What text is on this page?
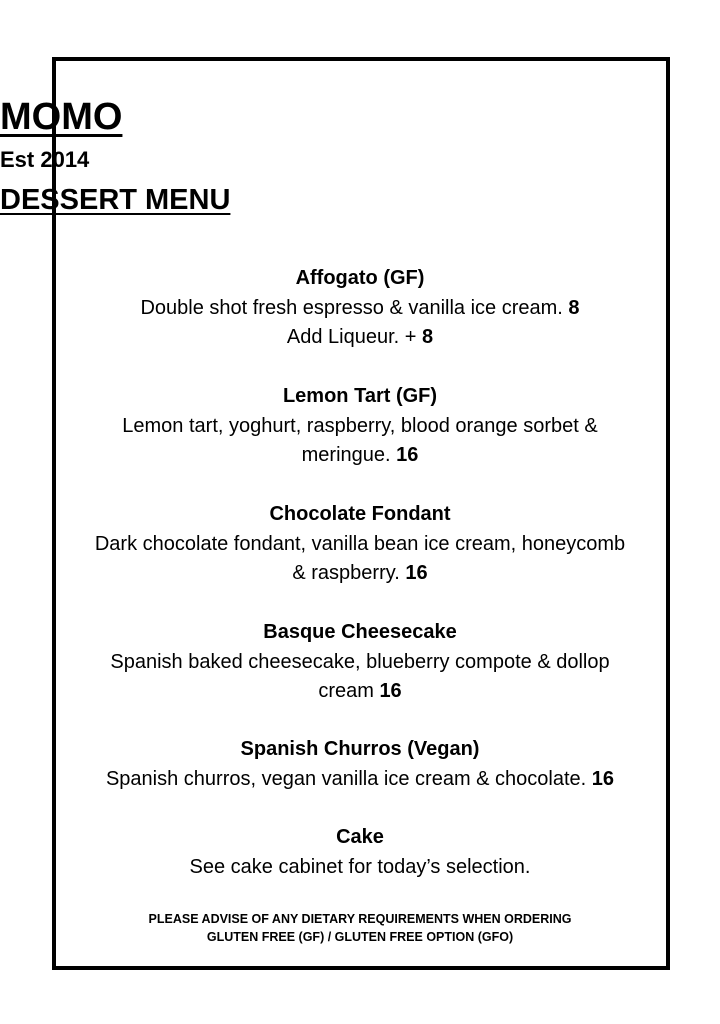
MOMO
Est 2014
DESSERT MENU
Affogato (GF)
Double shot fresh espresso & vanilla ice cream. 8
Add Liqueur. + 8
Lemon Tart (GF)
Lemon tart, yoghurt, raspberry, blood orange sorbet &
meringue. 16
Chocolate Fondant
Dark chocolate fondant, vanilla bean ice cream, honeycomb
& raspberry. 16
Basque Cheesecake
Spanish baked cheesecake, blueberry compote & dollop
cream 16
Spanish Churros (Vegan)
Spanish churros, vegan vanilla ice cream & chocolate. 16
Cake
See cake cabinet for today’s selection.
PLEASE ADVISE OF ANY DIETARY REQUIREMENTS WHEN ORDERING
GLUTEN FREE (GF) / GLUTEN FREE OPTION (GFO)
